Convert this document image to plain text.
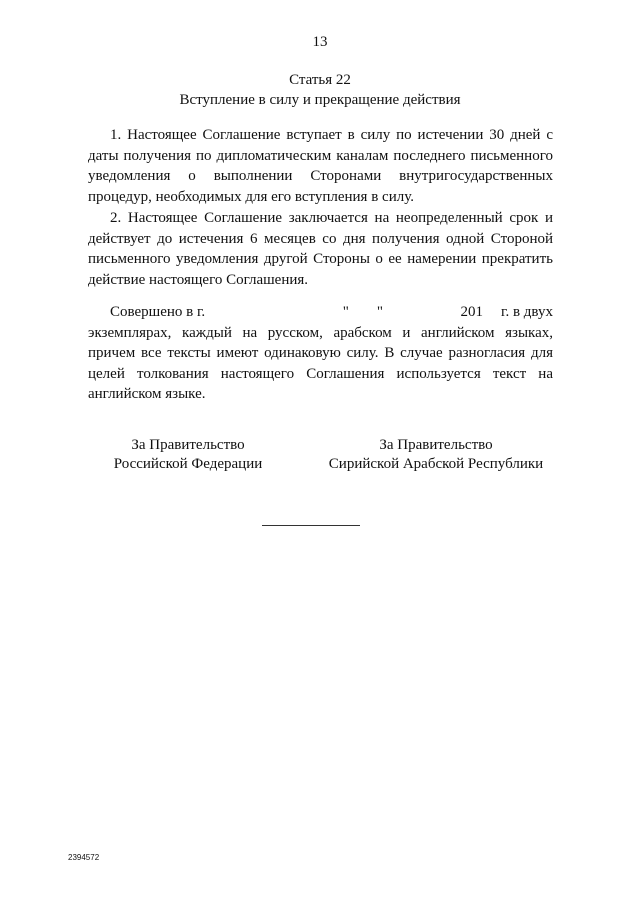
13
Статья 22
Вступление в силу и прекращение действия

1. Настоящее Соглашение вступает в силу по истечении 30 дней с даты получения по дипломатическим каналам последнего письменного уведомления о выполнении Сторонами внутригосударственных процедур, необходимых для его вступления в силу.

2. Настоящее Соглашение заключается на неопределенный срок и действует до истечения 6 месяцев со дня получения одной Стороной письменного уведомления другой Стороны о ее намерении прекратить действие настоящего Соглашения.

Совершено в г.	" "	201 г. в двух
экземплярах, каждый на русском, арабском и английском языках, причем все тексты имеют одинаковую силу. В случае разногласия для целей толкования настоящего Соглашения используется текст на английском языке.
За Правительство
Российской Федерации
За Правительство
Сирийской Арабской Республики
2394572
